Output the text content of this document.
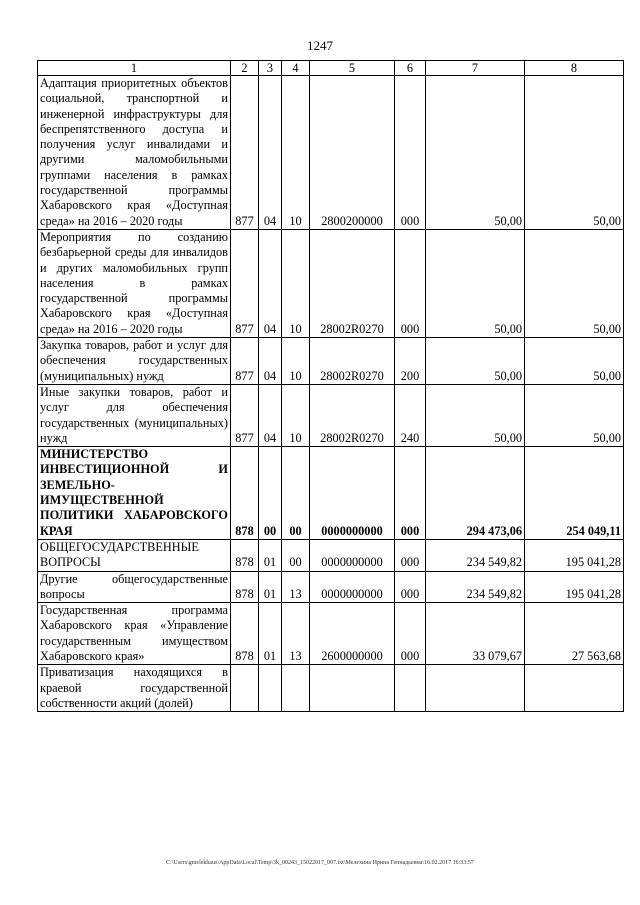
1247
1	2	3	4	5	6	7	8
Адаптация приоритетных объектов социальной, транспортной и инженерной инфраструктуры для беспрепятственного доступа и получения услуг инвалидами и другими маломобильными группами населения в рамках государственной программы Хабаровского края «Доступная среда» на 2016 – 2020 годы	877	04	10	2800200000	000	50,00	50,00
Мероприятия по созданию безбарьерной среды для инвалидов и других маломобильных групп населения в рамках государственной программы Хабаровского края «Доступная среда» на 2016 – 2020 годы	877	04	10	28002R0270	000	50,00	50,00
Закупка товаров, работ и услуг для обеспечения государственных (муниципальных) нужд	877	04	10	28002R0270	200	50,00	50,00
Иные закупки товаров, работ и услуг для обеспечения государственных (муниципальных) нужд	877	04	10	28002R0270	240	50,00	50,00
МИНИСТЕРСТВО ИНВЕСТИЦИОННОЙ И ЗЕМЕЛЬНО-ИМУЩЕСТВЕННОЙ ПОЛИТИКИ ХАБАРОВСКОГО КРАЯ	878	00	00	0000000000	000	294 473,06	254 049,11
ОБЩЕГОСУДАРСТВЕННЫЕ ВОПРОСЫ	878	01	00	0000000000	000	234 549,82	195 041,28
Другие общегосударственные вопросы	878	01	13	0000000000	000	234 549,82	195 041,28
Государственная программа Хабаровского края «Управление государственным имуществом Хабаровского края»	878	01	13	2600000000	000	33 079,67	27 563,68
Приватизация находящихся в краевой государственной собственности акций (долей)							
C:\Users\gmelekhaus\AppData\Local\Temp\3k_00243_15022017_007.txt\Мелехина Ирина Геннадьевна\16.02.2017 16:33:57
